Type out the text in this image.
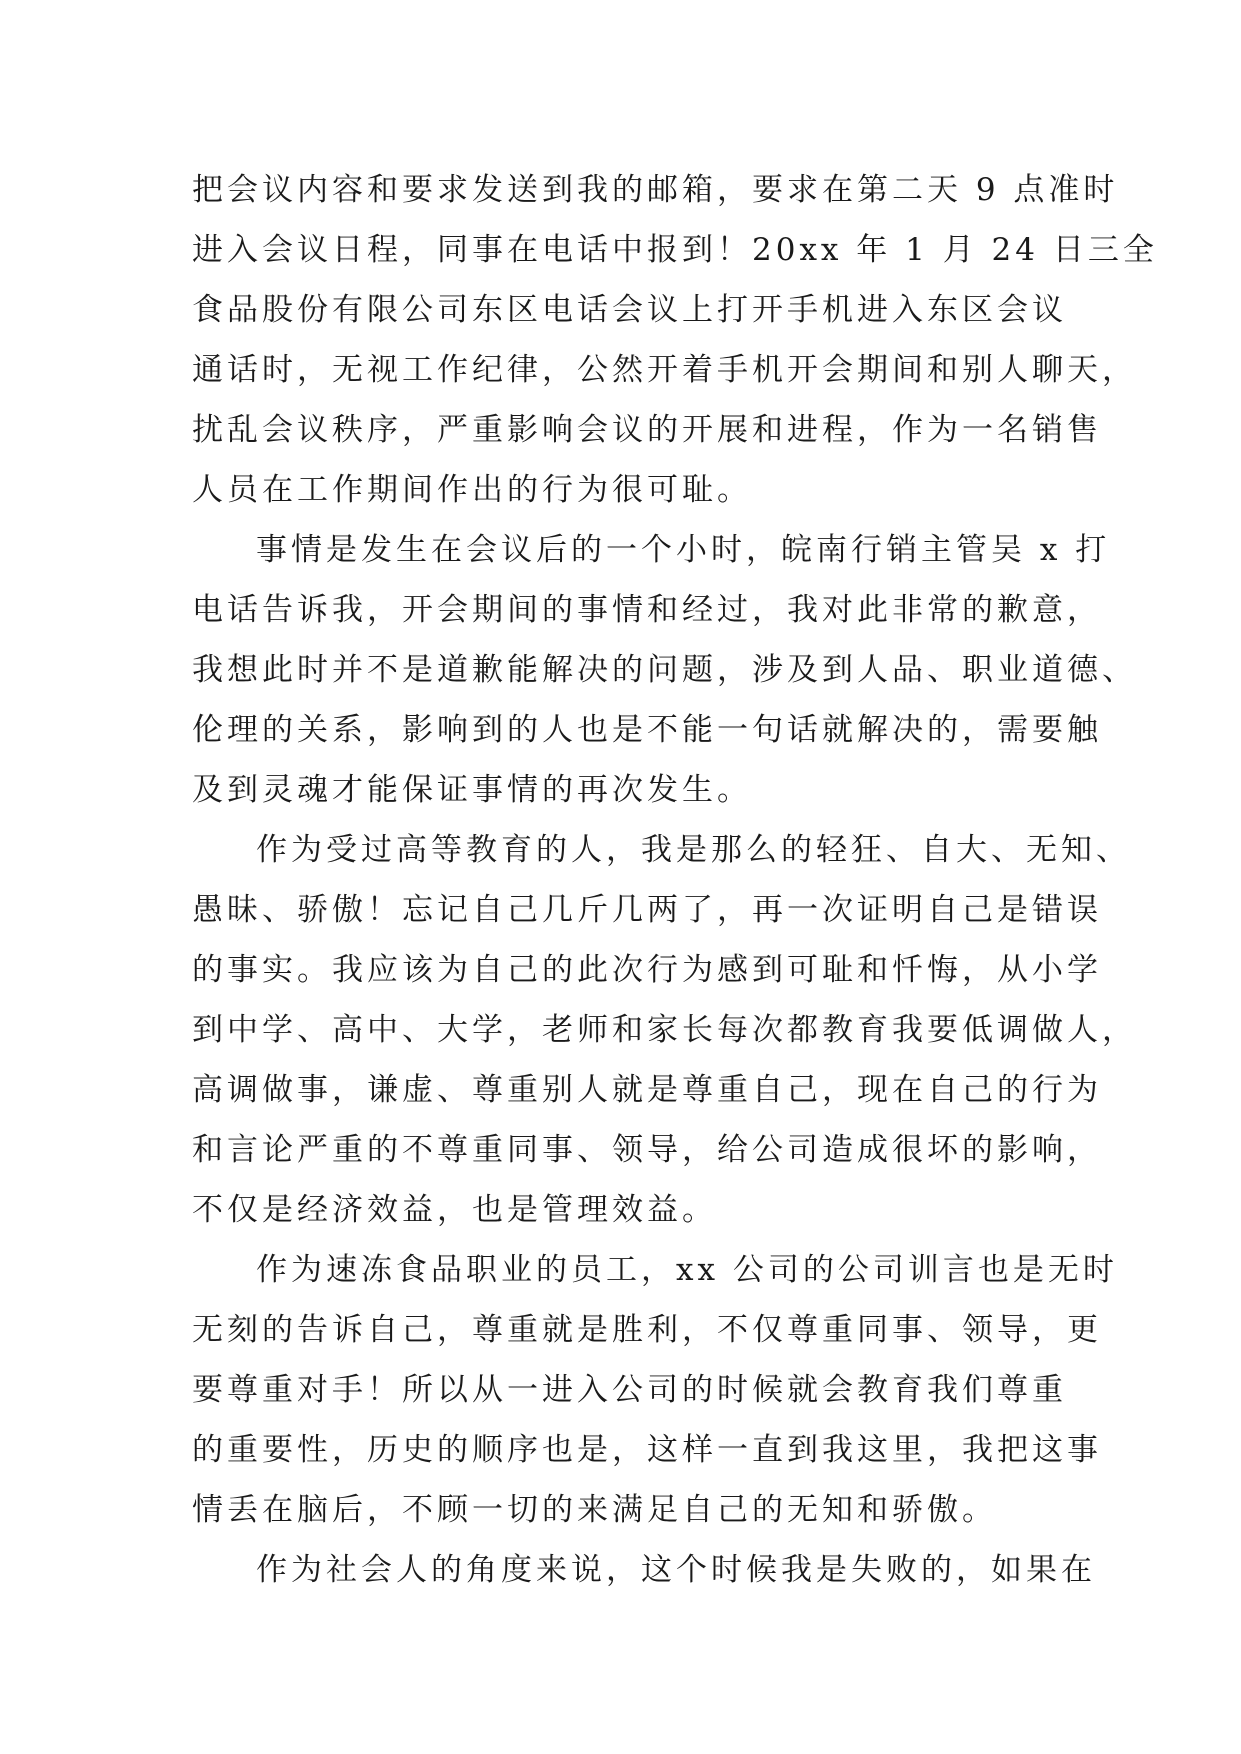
把会议内容和要求发送到我的邮箱，要求在第二天 9 点准时
进入会议日程，同事在电话中报到！20xx 年 1 月 24 日三全
食品股份有限公司东区电话会议上打开手机进入东区会议
通话时，无视工作纪律，公然开着手机开会期间和别人聊天，
扰乱会议秩序，严重影响会议的开展和进程，作为一名销售
人员在工作期间作出的行为很可耻。
事情是发生在会议后的一个小时，皖南行销主管吴 x 打
电话告诉我，开会期间的事情和经过，我对此非常的歉意，
我想此时并不是道歉能解决的问题，涉及到人品、职业道德、
伦理的关系，影响到的人也是不能一句话就解决的，需要触
及到灵魂才能保证事情的再次发生。
作为受过高等教育的人，我是那么的轻狂、自大、无知、
愚昧、骄傲！忘记自己几斤几两了，再一次证明自己是错误
的事实。我应该为自己的此次行为感到可耻和忏悔，从小学
到中学、高中、大学，老师和家长每次都教育我要低调做人，
高调做事，谦虚、尊重别人就是尊重自己，现在自己的行为
和言论严重的不尊重同事、领导，给公司造成很坏的影响，
不仅是经济效益，也是管理效益。
作为速冻食品职业的员工，xx 公司的公司训言也是无时
无刻的告诉自己，尊重就是胜利，不仅尊重同事、领导，更
要尊重对手！所以从一进入公司的时候就会教育我们尊重
的重要性，历史的顺序也是，这样一直到我这里，我把这事
情丢在脑后，不顾一切的来满足自己的无知和骄傲。
作为社会人的角度来说，这个时候我是失败的，如果在
